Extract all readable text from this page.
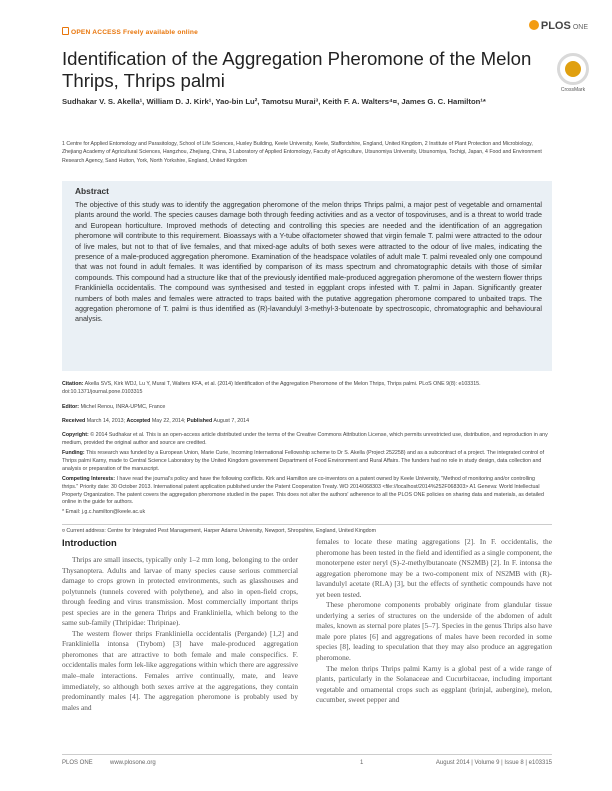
OPEN ACCESS Freely available online
PLOS ONE
Identification of the Aggregation Pheromone of the Melon Thrips, Thrips palmi	CrossMark
Sudhakar V. S. Akella¹, William D. J. Kirk¹, Yao-bin Lu², Tamotsu Murai³, Keith F. A. Walters⁴¤, James G. C. Hamilton¹*
1 Centre for Applied Entomology and Parasitology, School of Life Sciences, Huxley Building, Keele University, Keele, Staffordshire, England, United Kingdom, 2 Institute of Plant Protection and Microbiology, Zhejiang Academy of Agricultural Sciences, Hangzhou, Zhejiang, China, 3 Laboratory of Applied Entomology, Faculty of Agriculture, Utsunomiya University, Utsunomiya, Tochigi, Japan, 4 Food and Environment Research Agency, Sand Hutton, York, North Yorkshire, England, United Kingdom
Abstract
The objective of this study was to identify the aggregation pheromone of the melon thrips Thrips palmi, a major pest of vegetable and ornamental plants around the world. The species causes damage both through feeding activities and as a vector of tospoviruses, and is a threat to world trade and European horticulture. Improved methods of detecting and controlling this species are needed and the identification of an aggregation pheromone will contribute to this requirement. Bioassays with a Y-tube olfactometer showed that virgin female T. palmi were attracted to the odour of live males, but not to that of live females, and that mixed-age adults of both sexes were attracted to the odour of live males, indicating the presence of a male-produced aggregation pheromone. Examination of the headspace volatiles of adult male T. palmi revealed only one compound that was not found in adult females. It was identified by comparison of its mass spectrum and chromatographic details with those of similar compounds. This compound had a structure like that of the previously identified male-produced aggregation pheromone of the western flower thrips Frankliniella occidentalis. The compound was synthesised and tested in eggplant crops infested with T. palmi in Japan. Significantly greater numbers of both males and females were attracted to traps baited with the putative aggregation pheromone compared to unbaited traps. The aggregation pheromone of T. palmi is thus identified as (R)-lavandulyl 3-methyl-3-butenoate by spectroscopic, chromatographic and behavioural analysis.
Citation: Akella SVS, Kirk WDJ, Lu Y, Murai T, Walters KFA, et al. (2014) Identification of the Aggregation Pheromone of the Melon Thrips, Thrips palmi. PLoS ONE 9(8): e103315. doi:10.1371/journal.pone.0103315
Editor: Michel Renou, INRA-UPMC, France
Received March 14, 2013; Accepted May 22, 2014; Published August 7, 2014
Copyright: © 2014 Sudhakar et al. This is an open-access article distributed under the terms of the Creative Commons Attribution License, which permits unrestricted use, distribution, and reproduction in any medium, provided the original author and source are credited.
Funding: This research was funded by a European Union, Marie Curie, Incoming International Fellowship scheme to Dr S. Akella (Project 252258) and as a subcontract of a project. The integrated control of Thrips palmi Karny, made to Central Science Laboratory by the United Kingdom government Department of Food Environment and Rural Affairs. The funders had no role in study design, data collection and analysis or preparation of the manuscript.
Competing Interests: I have read the journal's policy and have the following conflicts. Kirk and Hamilton are co-inventors on a patent owned by Keele University, "Method of monitoring and/or controlling thrips." Priority date: 30 October 2013. International patent application published under the Patent Cooperation Treaty. WO 2014/068303 <file://localhost/2014%252F068303> A1 Geneva: World Intellectual Property Organization. The patent covers the aggregation pheromone studied in the paper. This does not alter the authors' adherence to all the PLOS ONE policies on sharing data and materials, as detailed online in the guide for authors.
* Email: j.g.c.hamilton@keele.ac.uk
¤ Current address: Centre for Integrated Pest Management, Harper Adams University, Newport, Shropshire, England, United Kingdom
Introduction

Thrips are small insects, typically only 1–2 mm long, belonging to the order Thysanoptera. Adults and larvae of many species cause serious commercial damage to crops grown in protected environments, such as glasshouses and polytunnels (tunnels covered with polythene), and also in open-field crops, through feeding and virus transmission. Most commercially important thrips pest species are in the genera Thrips and Frankliniella, which belong to the same sub-family (Thripidae: Thripinae).

The western flower thrips Frankliniella occidentalis (Pergande) [1,2] and Frankliniella intonsa (Trybom) [3] have male-produced aggregation pheromones that are attractive to both female and male conspecifics. F. occidentalis males form lek-like aggregations within which there are aggressive male–male interactions. Females arrive continually, mate, and leave immediately, so although both sexes arrive at the aggregations, they contain predominantly males [4]. The aggregation pheromone is probably used by males and

females to locate these mating aggregations [2]. In F. occidentalis, the pheromone has been tested in the field and identified as a single component, the monoterpene ester neryl (S)-2-methylbutanoate (NS2MB) [2]. In F. intonsa the aggregation pheromone may be a two-component mix of NS2MB with (R)-lavandulyl acetate (RLA) [3], but the effects of synthetic compounds have not yet been tested.

These pheromone components probably originate from glandular tissue underlying a series of structures on the underside of the abdomen of adult males, known as sternal pore plates [5–7]. Species in the genus Thrips also have male pore plates [6] and aggregations of males have been recorded in some species [8], leading to speculation that they may also produce an aggregation pheromone.

The melon thrips Thrips palmi Karny is a global pest of a wide range of plants, particularly in the Solanaceae and Cucurbitaceae, including important vegetable and ornamental crops such as eggplant (brinjal, aubergine), melon, cucumber, sweet pepper and

PLOS ONE	www.plosone.org	1	August 2014 | Volume 9 | Issue 8 | e103315
